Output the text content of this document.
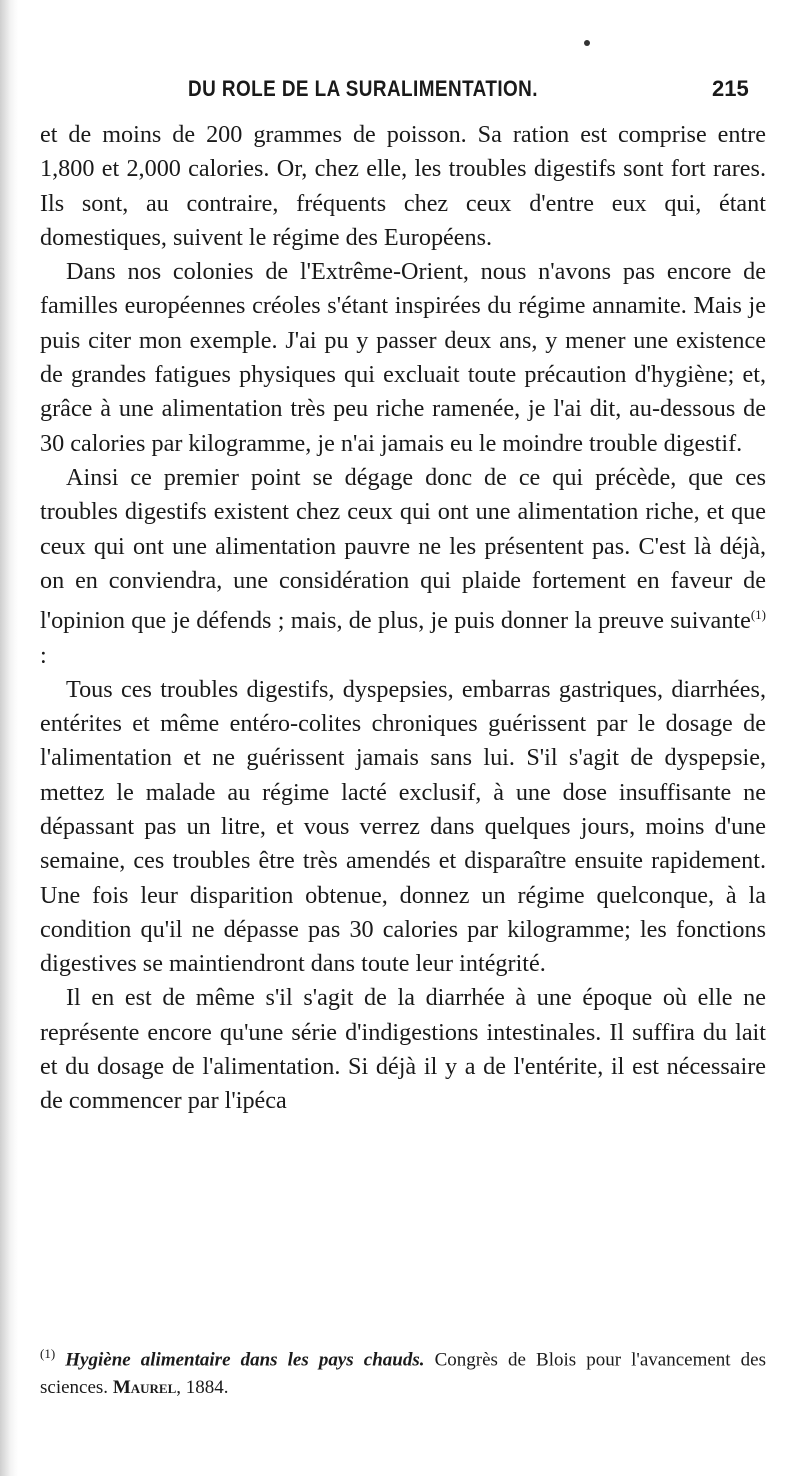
DU ROLE DE LA SURALIMENTATION.	215

et de moins de 200 grammes de poisson. Sa ration est comprise entre 1,800 et 2,000 calories. Or, chez elle, les troubles digestifs sont fort rares. Ils sont, au contraire, fréquents chez ceux d'entre eux qui, étant domestiques, suivent le régime des Européens.

Dans nos colonies de l'Extrême-Orient, nous n'avons pas encore de familles européennes créoles s'étant inspirées du régime annamite. Mais je puis citer mon exemple. J'ai pu y passer deux ans, y mener une existence de grandes fatigues physiques qui excluait toute précaution d'hygiène; et, grâce à une alimentation très peu riche ramenée, je l'ai dit, au-dessous de 30 calories par kilogramme, je n'ai jamais eu le moindre trouble digestif.

Ainsi ce premier point se dégage donc de ce qui précède, que ces troubles digestifs existent chez ceux qui ont une alimentation riche, et que ceux qui ont une alimentation pauvre ne les présentent pas. C'est là déjà, on en conviendra, une considération qui plaide fortement en faveur de l'opinion que je défends ; mais, de plus, je puis donner la preuve suivante$^{(1)}$ :

Tous ces troubles digestifs, dyspepsies, embarras gastriques, diarrhées, entérites et même entéro-colites chroniques guérissent par le dosage de l'alimentation et ne guérissent jamais sans lui. S'il s'agit de dyspepsie, mettez le malade au régime lacté exclusif, à une dose insuffisante ne dépassant pas un litre, et vous verrez dans quelques jours, moins d'une semaine, ces troubles être très amendés et disparaître ensuite rapidement. Une fois leur disparition obtenue, donnez un régime quelconque, à la condition qu'il ne dépasse pas 30 calories par kilogramme; les fonctions digestives se maintiendront dans toute leur intégrité.

Il en est de même s'il s'agit de la diarrhée à une époque où elle ne représente encore qu'une série d'indigestions intestinales. Il suffira du lait et du dosage de l'alimentation. Si déjà il y a de l'entérite, il est nécessaire de commencer par l'ipéca

$^{(1)}$ Hygiène alimentaire dans les pays chauds. Congrès de Blois pour l'avancement des sciences. Maurel, 1884.
